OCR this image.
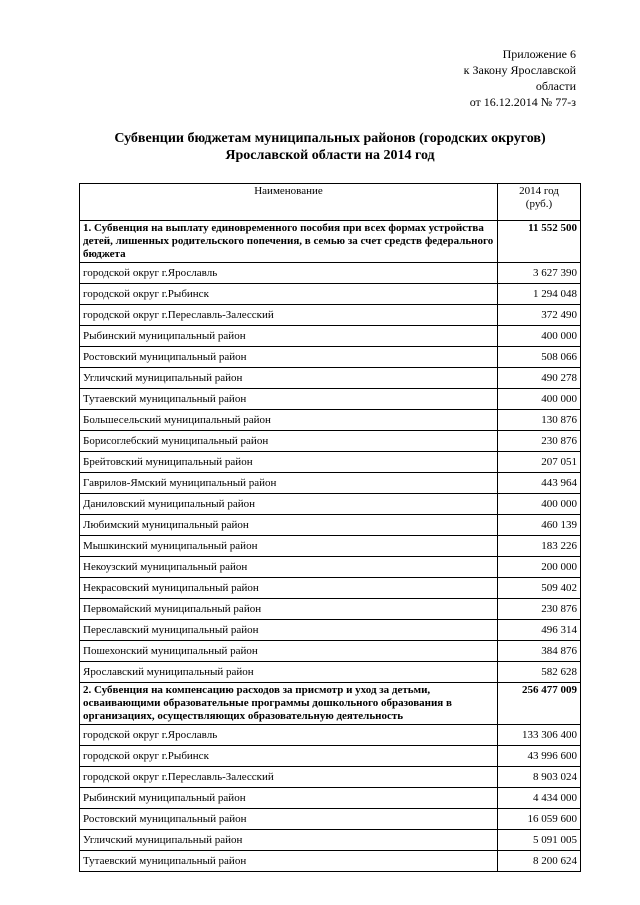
Приложение 6
к Закону Ярославской
области
от 16.12.2014 № 77-з
Субвенции бюджетам муниципальных районов (городских округов)
Ярославской области на 2014 год
Наименование	2014 год
(руб.)

1. Субвенция на выплату единовременного пособия при всех формах устройства детей, лишенных родительского попечения, в семью за счет средств федерального бюджета	11 552 500
городской округ г.Ярославль	3 627 390
городской округ г.Рыбинск	1 294 048
городской округ г.Переславль-Залесский	372 490
Рыбинский муниципальный район	400 000
Ростовский муниципальный район	508 066
Угличский муниципальный район	490 278
Тутаевский муниципальный район	400 000
Большесельский муниципальный район	130 876
Борисоглебский муниципальный район	230 876
Брейтовский муниципальный район	207 051
Гаврилов-Ямский муниципальный район	443 964
Даниловский муниципальный район	400 000
Любимский муниципальный район	460 139
Мышкинский муниципальный район	183 226
Некоузский муниципальный район	200 000
Некрасовский муниципальный район	509 402
Первомайский муниципальный район	230 876
Переславский муниципальный район	496 314
Пошехонский муниципальный район	384 876
Ярославский муниципальный район	582 628
2. Субвенция на компенсацию расходов за присмотр и уход за детьми, осваивающими образовательные программы дошкольного образования в организациях, осуществляющих образовательную деятельность	256 477 009
городской округ г.Ярославль	133 306 400
городской округ г.Рыбинск	43 996 600
городской округ г.Переславль-Залесский	8 903 024
Рыбинский муниципальный район	4 434 000
Ростовский муниципальный район	16 059 600
Угличский муниципальный район	5 091 005
Тутаевский муниципальный район	8 200 624
